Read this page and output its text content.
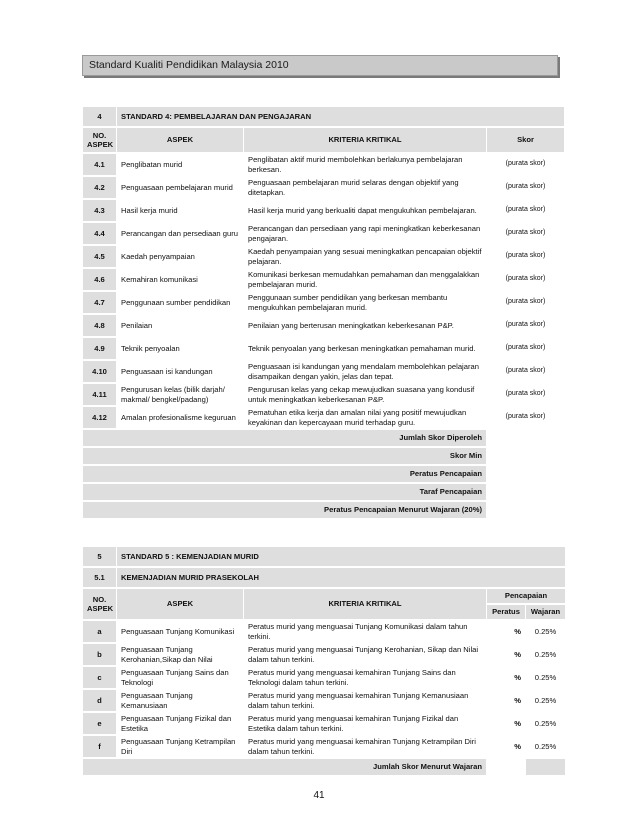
Standard Kualiti Pendidikan Malaysia 2010
4	STANDARD 4: PEMBELAJARAN DAN PENGAJARAN		
NO. ASPEK	ASPEK	KRITERIA KRITIKAL	Skor
4.1	Penglibatan murid	Penglibatan aktif murid membolehkan berlakunya pembelajaran berkesan.	(purata skor)
4.2	Penguasaan pembelajaran murid	Penguasaan pembelajaran murid selaras dengan objektif yang ditetapkan.	(purata skor)
4.3	Hasil kerja murid	Hasil kerja murid yang berkualiti dapat mengukuhkan pembelajaran.	(purata skor)
4.4	Perancangan dan persediaan guru	Perancangan dan persediaan yang rapi meningkatkan keberkesanan pengajaran.	(purata skor)
4.5	Kaedah penyampaian	Kaedah penyampaian yang sesuai meningkatkan pencapaian objektif pelajaran.	(purata skor)
4.6	Kemahiran komunikasi	Komunikasi berkesan memudahkan pemahaman dan menggalakkan pembelajaran murid.	(purata skor)
4.7	Penggunaan sumber pendidikan	Penggunaan sumber pendidikan yang berkesan membantu mengukuhkan pembelajaran murid.	(purata skor)
4.8	Penilaian	Penilaian yang berterusan meningkatkan keberkesanan P&P.	(purata skor)
4.9	Teknik penyoalan	Teknik penyoalan yang berkesan meningkatkan pemahaman murid.	(purata skor)
4.10	Penguasaan isi kandungan	Penguasaan isi kandungan yang mendalam membolehkan pelajaran disampaikan dengan yakin, jelas dan tepat.	(purata skor)
4.11	Pengurusan kelas (bilik darjah/ makmal/ bengkel/padang)	Pengurusan kelas yang cekap mewujudkan suasana yang kondusif untuk meningkatkan keberkesanan P&P.	(purata skor)
4.12	Amalan profesionalisme keguruan	Pematuhan etika kerja dan amalan nilai yang positif mewujudkan keyakinan dan kepercayaan murid terhadap guru.	(purata skor)
Jumlah Skor Diperoleh			
Skor Min			
Peratus Pencapaian			
Taraf Pencapaian			
Peratus Pencapaian Menurut Wajaran (20%)			
5	STANDARD 5 : KEMENJADIAN MURID			
5.1	KEMENJADIAN MURID PRASEKOLAH			
NO. ASPEK	ASPEK	KRITERIA KRITIKAL	Pencapaian	
			Peratus	Wajaran
a	Penguasaan Tunjang Komunikasi	Peratus murid yang menguasai Tunjang Komunikasi dalam tahun terkini.	%	0.25%
b	Penguasaan Tunjang Kerohanian,Sikap dan Nilai	Peratus murid yang menguasai Tunjang Kerohanian, Sikap dan Nilai dalam tahun terkini.	%	0.25%
c	Penguasaan Tunjang Sains dan Teknologi	Peratus murid yang menguasai kemahiran Tunjang Sains dan Teknologi dalam tahun terkini.	%	0.25%
d	Penguasaan Tunjang Kemanusiaan	Peratus murid yang menguasai kemahiran Tunjang Kemanusiaan dalam tahun terkini.	%	0.25%
e	Penguasaan Tunjang Fizikal dan Estetika	Peratus murid yang menguasai kemahiran Tunjang Fizikal dan Estetika dalam tahun terkini.	%	0.25%
f	Penguasaan Tunjang Ketrampilan Diri	Peratus murid yang menguasai kemahiran Tunjang Ketrampilan Diri dalam tahun terkini.	%	0.25%
Jumlah Skor Menurut Wajaran				
41
